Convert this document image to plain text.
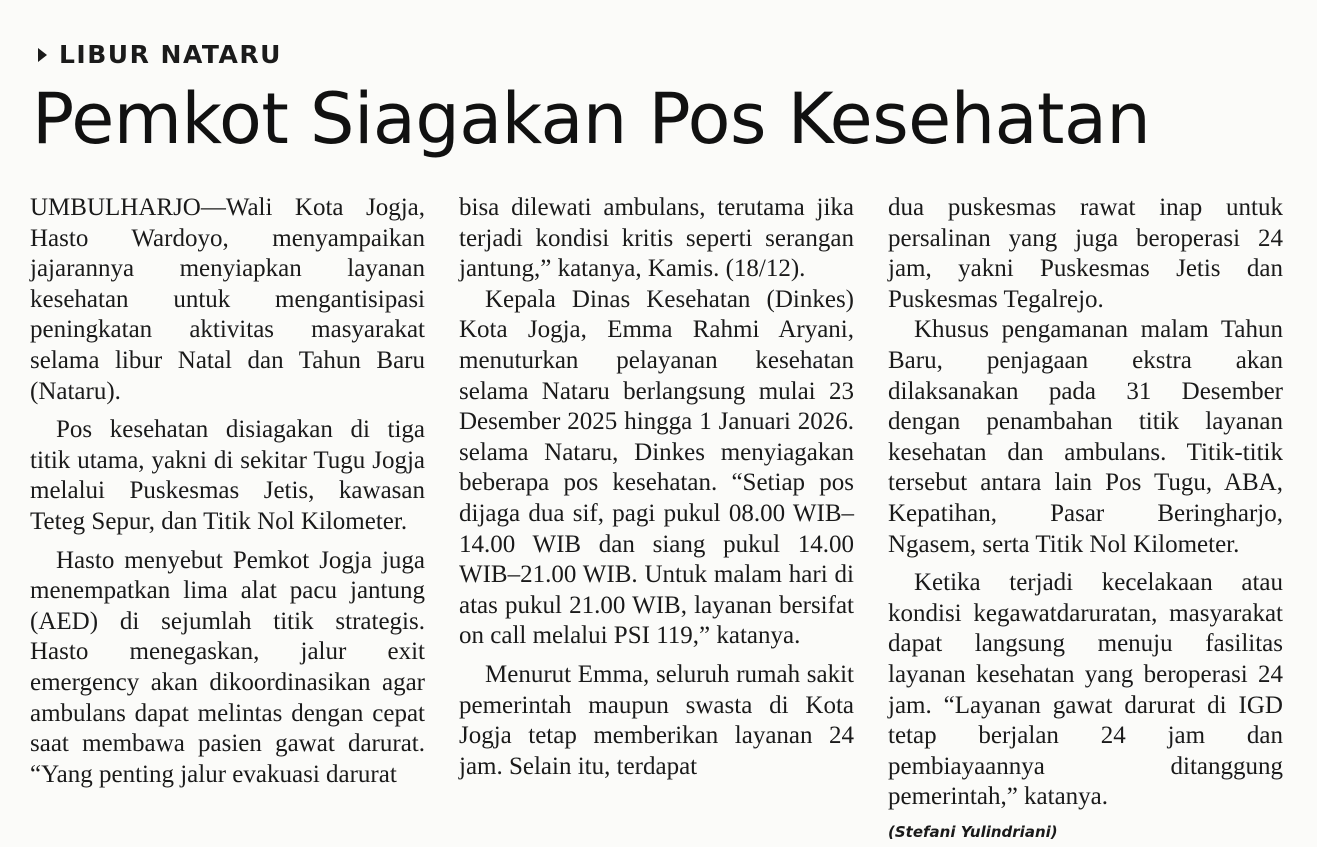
LIBUR NATARU
Pemkot Siagakan Pos Kesehatan

UMBULHARJO—Wali Kota Jogja, Hasto Wardoyo, menyampaikan jajarannya menyiapkan layanan kesehatan untuk mengantisipasi peningkatan aktivitas masyarakat selama libur Natal dan Tahun Baru (Nataru).

Pos kesehatan disiagakan di tiga titik utama, yakni di sekitar Tugu Jogja melalui Puskesmas Jetis, kawasan Teteg Sepur, dan Titik Nol Kilometer.

Hasto menyebut Pemkot Jogja juga menempatkan lima alat pacu jantung (AED) di sejumlah titik strategis. Hasto menegaskan, jalur exit emergency akan dikoordinasikan agar ambulans dapat melintas dengan cepat saat membawa pasien gawat darurat. “Yang penting jalur evakuasi darurat

bisa dilewati ambulans, terutama jika terjadi kondisi kritis seperti serangan jantung,” katanya, Kamis. (18/12).

Kepala Dinas Kesehatan (Dinkes) Kota Jogja, Emma Rahmi Aryani, menuturkan pelayanan kesehatan selama Nataru berlangsung mulai 23 Desember 2025 hingga 1 Januari 2026. selama Nataru, Dinkes menyiagakan beberapa pos kesehatan. “Setiap pos dijaga dua sif, pagi pukul 08.00 WIB–14.00 WIB dan siang pukul 14.00 WIB–21.00 WIB. Untuk malam hari di atas pukul 21.00 WIB, layanan bersifat on call melalui PSI 119,” katanya.

Menurut Emma, seluruh rumah sakit pemerintah maupun swasta di Kota Jogja tetap memberikan layanan 24 jam. Selain itu, terdapat

dua puskesmas rawat inap untuk persalinan yang juga beroperasi 24 jam, yakni Puskesmas Jetis dan Puskesmas Tegalrejo.

Khusus pengamanan malam Tahun Baru, penjagaan ekstra akan dilaksanakan pada 31 Desember dengan penambahan titik layanan kesehatan dan ambulans. Titik-titik tersebut antara lain Pos Tugu, ABA, Kepatihan, Pasar Beringharjo, Ngasem, serta Titik Nol Kilometer.

Ketika terjadi kecelakaan atau kondisi kegawatdaruratan, masyarakat dapat langsung menuju fasilitas layanan kesehatan yang beroperasi 24 jam. “Layanan gawat darurat di IGD tetap berjalan 24 jam dan pembiayaannya ditanggung pemerintah,” katanya.

(Stefani Yulindriani)
